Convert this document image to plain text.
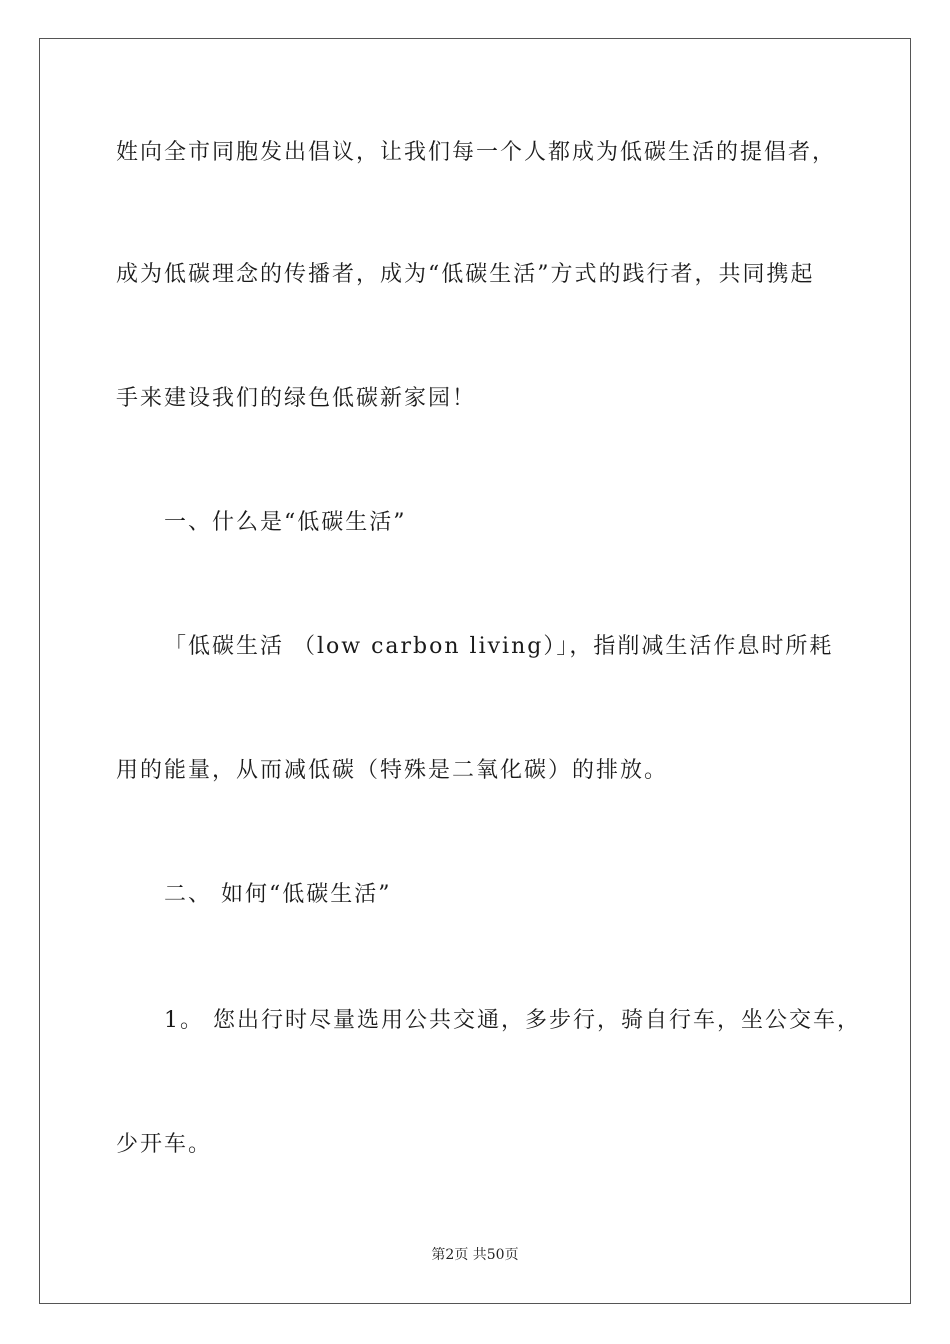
姓向全市同胞发出倡议，让我们每一个人都成为低碳生活的提倡者，
成为低碳理念的传播者，成为“低碳生活”方式的践行者，共同携起
手来建设我们的绿色低碳新家园！
一、什么是“低碳生活”
「低碳生活 （low carbon living）」，指削减生活作息时所耗
用的能量，从而减低碳（特殊是二氧化碳）的排放。
二、 如何“低碳生活”
1。 您出行时尽量选用公共交通，多步行，骑自行车，坐公交车，
少开车。
第2页 共50页
